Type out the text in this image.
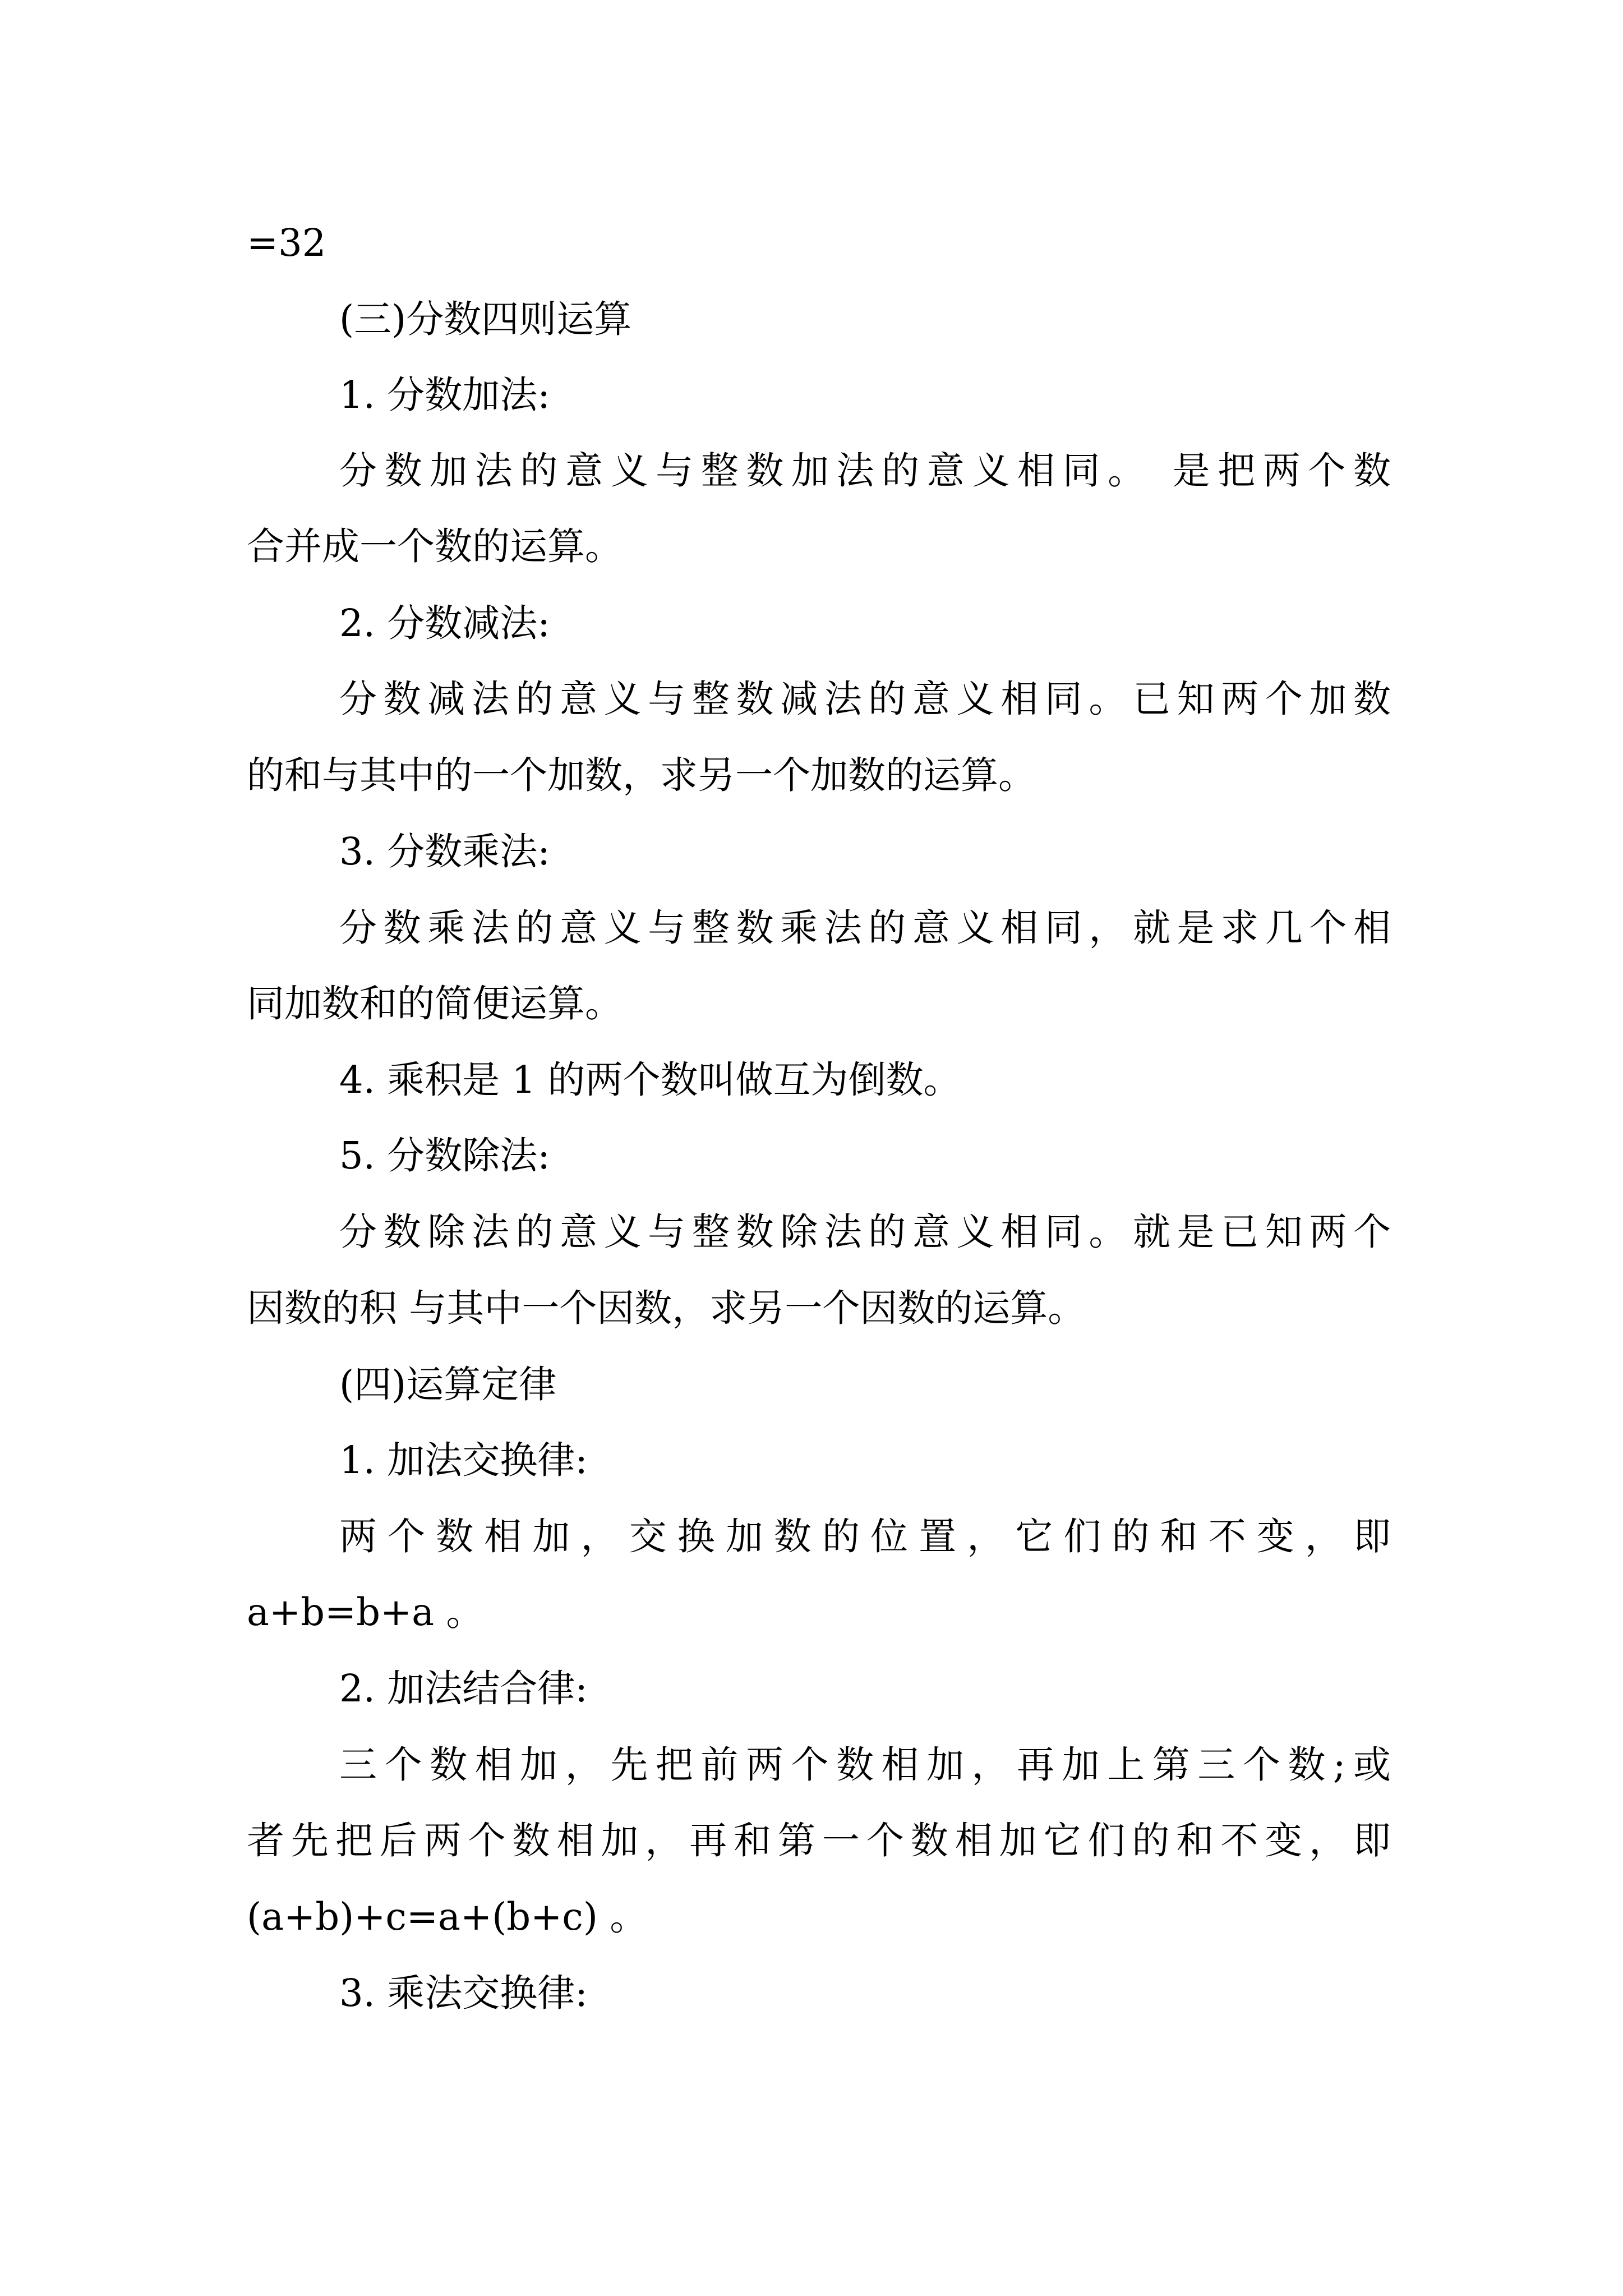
=32
(三)分数四则运算
1. 分数加法:
分数加法的意义与整数加法的意义相同。 是把两个数
合并成一个数的运算。
2. 分数减法:
分数减法的意义与整数减法的意义相同。已知两个加数
的和与其中的一个加数，求另一个加数的运算。
3. 分数乘法:
分数乘法的意义与整数乘法的意义相同，就是求几个相
同加数和的简便运算。
4. 乘积是 1 的两个数叫做互为倒数。
5. 分数除法:
分数除法的意义与整数除法的意义相同。就是已知两个
因数的积 与其中一个因数，求另一个因数的运算。
(四)运算定律
1. 加法交换律:
两个数相加，交换加数的位置，它们的和不变，即
a+b=b+a 。
2. 加法结合律:
三个数相加，先把前两个数相加，再加上第三个数;或
者先把后两个数相加，再和第一个数相加它们的和不变，即
(a+b)+c=a+(b+c) 。
3. 乘法交换律:
